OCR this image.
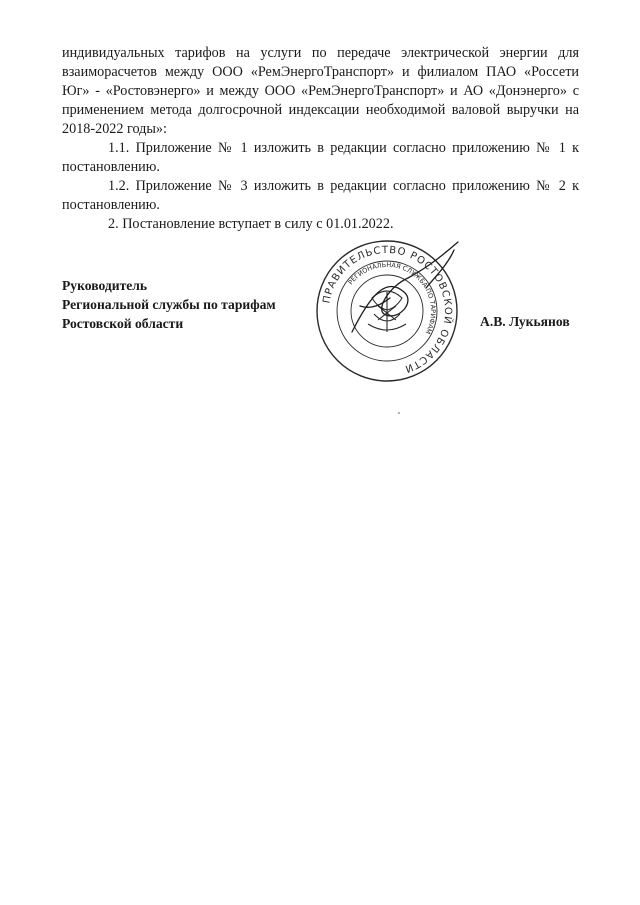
индивидуальных тарифов на услуги по передаче электрической энергии для взаиморасчетов между ООО «РемЭнергоТранспорт» и филиалом ПАО «Россети Юг» - «Ростовэнерго» и между ООО «РемЭнергоТранспорт» и АО «Донэнерго» с применением метода долгосрочной индексации необходимой валовой выручки на 2018-2022 годы»:

1.1. Приложение № 1 изложить в редакции согласно приложению № 1 к постановлению.

1.2. Приложение № 3 изложить в редакции согласно приложению № 2 к постановлению.

2. Постановление вступает в силу с 01.01.2022.

Руководитель
Региональной службы по тарифам
Ростовской области
ПРАВИТЕЛЬСТВО РОСТОВСКОЙ ОБЛАСТИ
РЕГИОНАЛЬНАЯ СЛУЖБА ПО ТАРИФАМ
А.В. Лукьянов
